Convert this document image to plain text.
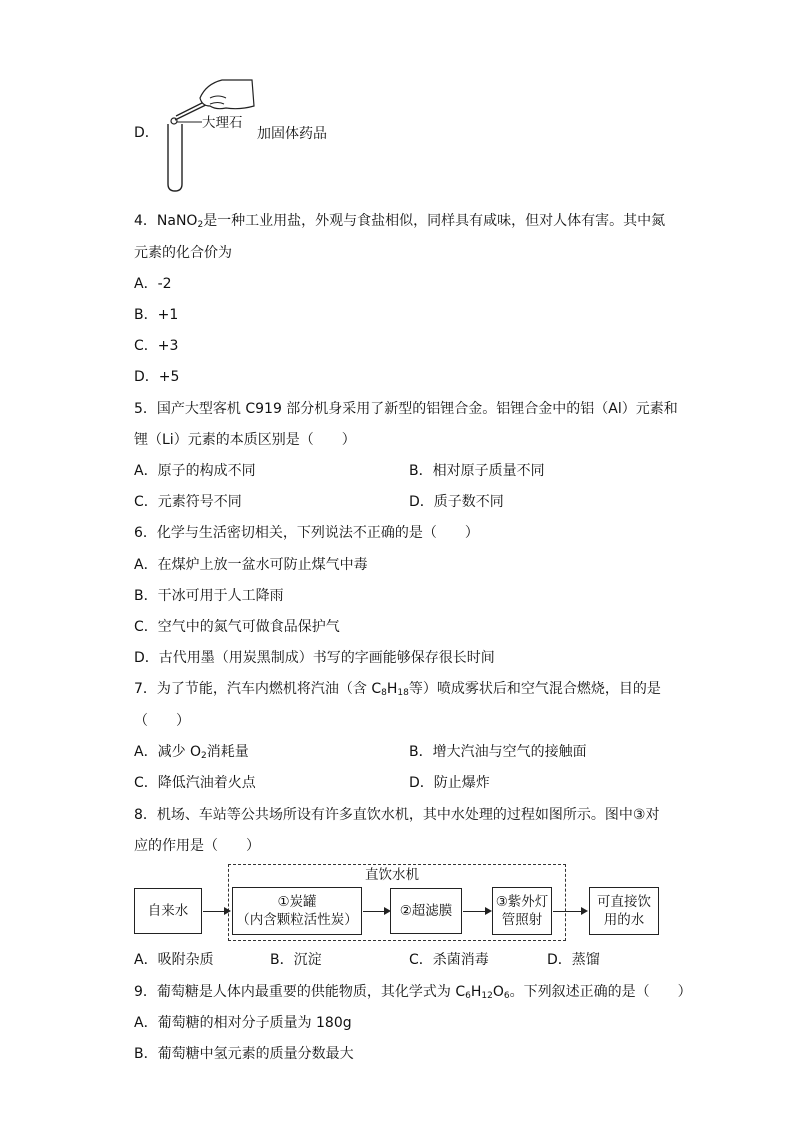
D．
大理石
加固体药品
4．NaNO$_2$是一种工业用盐，外观与食盐相似，同样具有咸味，但对人体有害。其中氮
元素的化合价为
A．-2
B．+1
C．+3
D．+5
5．国产大型客机 C919 部分机身采用了新型的铝锂合金。铝锂合金中的铝（Al）元素和
锂（Li）元素的本质区别是（　　）
A．原子的构成不同	B．相对原子质量不同
C．元素符号不同	D．质子数不同
6．化学与生活密切相关，下列说法不正确的是（　　）
A．在煤炉上放一盆水可防止煤气中毒
B．干冰可用于人工降雨
C．空气中的氮气可做食品保护气
D．古代用墨（用炭黑制成）书写的字画能够保存很长时间
7．为了节能，汽车内燃机将汽油（含 $C_8H_{18}$等）喷成雾状后和空气混合燃烧，目的是
（　　）
A．减少 $O_2$消耗量	B．增大汽油与空气的接触面
C．降低汽油着火点	D．防止爆炸
8．机场、车站等公共场所设有许多直饮水机，其中水处理的过程如图所示。图中③对
应的作用是（　　）
直饮水机
自来水
①炭罐
（内含颗粒活性炭）
②超滤膜
③紫外灯
管照射
可直接饮
用的水
A．吸附杂质	B．沉淀	C．杀菌消毒	D．蒸馏
9．葡萄糖是人体内最重要的供能物质，其化学式为 $C_6H_{12}O_6$。下列叙述正确的是（　　）
A．葡萄糖的相对分子质量为 180g
B．葡萄糖中氢元素的质量分数最大
